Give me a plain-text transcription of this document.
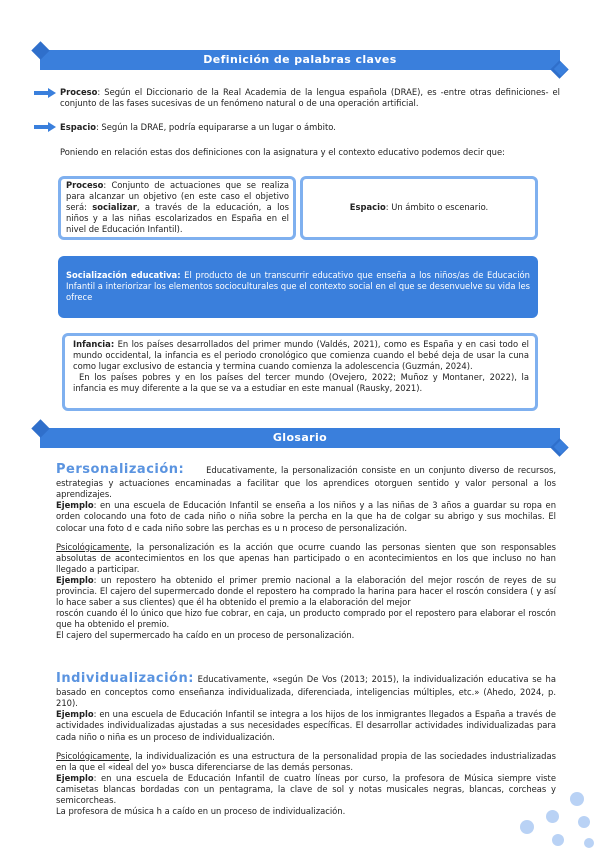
Definición de palabras claves
Proceso: Según el Diccionario de la Real Academia de la lengua española (DRAE), es -entre otras definiciones- el conjunto de las fases sucesivas de un fenómeno natural o de una operación artificial.
Espacio: Según la DRAE, podría equipararse a un lugar o ámbito.
Poniendo en relación estas dos definiciones con la asignatura y el contexto educativo podemos decir que:
Proceso: Conjunto de actuaciones que se realiza para alcanzar un objetivo (en este caso el objetivo será: socializar, a través de la educación, a los niños y a las niñas escolarizados en España en el nivel de Educación Infantil).
Espacio: Un ámbito o escenario.
Socialización educativa: El producto de un transcurrir educativo que enseña a los niños/as de Educación Infantil a interiorizar los elementos socioculturales que el contexto social en el que se desenvuelve su vida les ofrece
Infancia: En los países desarrollados del primer mundo (Valdés, 2021), como es España y en casi todo el mundo occidental, la infancia es el periodo cronológico que comienza cuando el bebé deja de usar la cuna como lugar exclusivo de estancia y termina cuando comienza la adolescencia (Guzmán, 2024).
En los países pobres y en los países del tercer mundo (Ovejero, 2022; Muñoz y Montaner, 2022), la infancia es muy diferente a la que se va a estudiar en este manual (Rausky, 2021).
Glosario
Personalización:	Educativamente, la personalización consiste en un conjunto diverso de recursos, estrategias y actuaciones encaminadas a facilitar que los aprendices otorguen sentido y valor personal a los aprendizajes.
Ejemplo: en una escuela de Educación Infantil se enseña a los niños y a las niñas de 3 años a guardar su ropa en orden colocando una foto de cada niño o niña sobre la percha en la que ha de colgar su abrigo y sus mochilas. El colocar una foto d e cada niño sobre las perchas es u n proceso de personalización.
Psicológicamente, la personalización es la acción que ocurre cuando las personas sienten que son responsables absolutas de acontecimientos en los que apenas han participado o en acontecimientos en los que incluso no han llegado a participar.
Ejemplo: un repostero ha obtenido el primer premio nacional a la elaboración del mejor roscón de reyes de su provincia. El cajero del supermercado donde el repostero ha comprado la harina para hacer el roscón considera ( y así lo hace saber a sus clientes) que él ha obtenido el premio a la elaboración del mejor
roscón cuando él lo único que hizo fue cobrar, en caja, un producto comprado por el repostero para elaborar el roscón que ha obtenido el premio.
El cajero del supermercado ha caído en un proceso de personalización.
Individualización: Educativamente, «según De Vos (2013; 2015), la individualización educativa se ha basado en conceptos como enseñanza individualizada, diferenciada, inteligencias múltiples, etc.» (Ahedo, 2024, p. 210).
Ejemplo: en una escuela de Educación Infantil se integra a los hijos de los inmigrantes llegados a España a través de actividades individualizadas ajustadas a sus necesidades específicas. El desarrollar actividades individualizadas para cada niño o niña es un proceso de individualización.
Psicológicamente, la individualización es una estructura de la personalidad propia de las sociedades industrializadas en la que el «ideal del yo» busca diferenciarse de las demás personas.
Ejemplo: en una escuela de Educación Infantil de cuatro líneas por curso, la profesora de Música siempre viste camisetas blancas bordadas con un pentagrama, la clave de sol y notas musicales negras, blancas, corcheas y semicorcheas.
La profesora de música h a caído en un proceso de individualización.
